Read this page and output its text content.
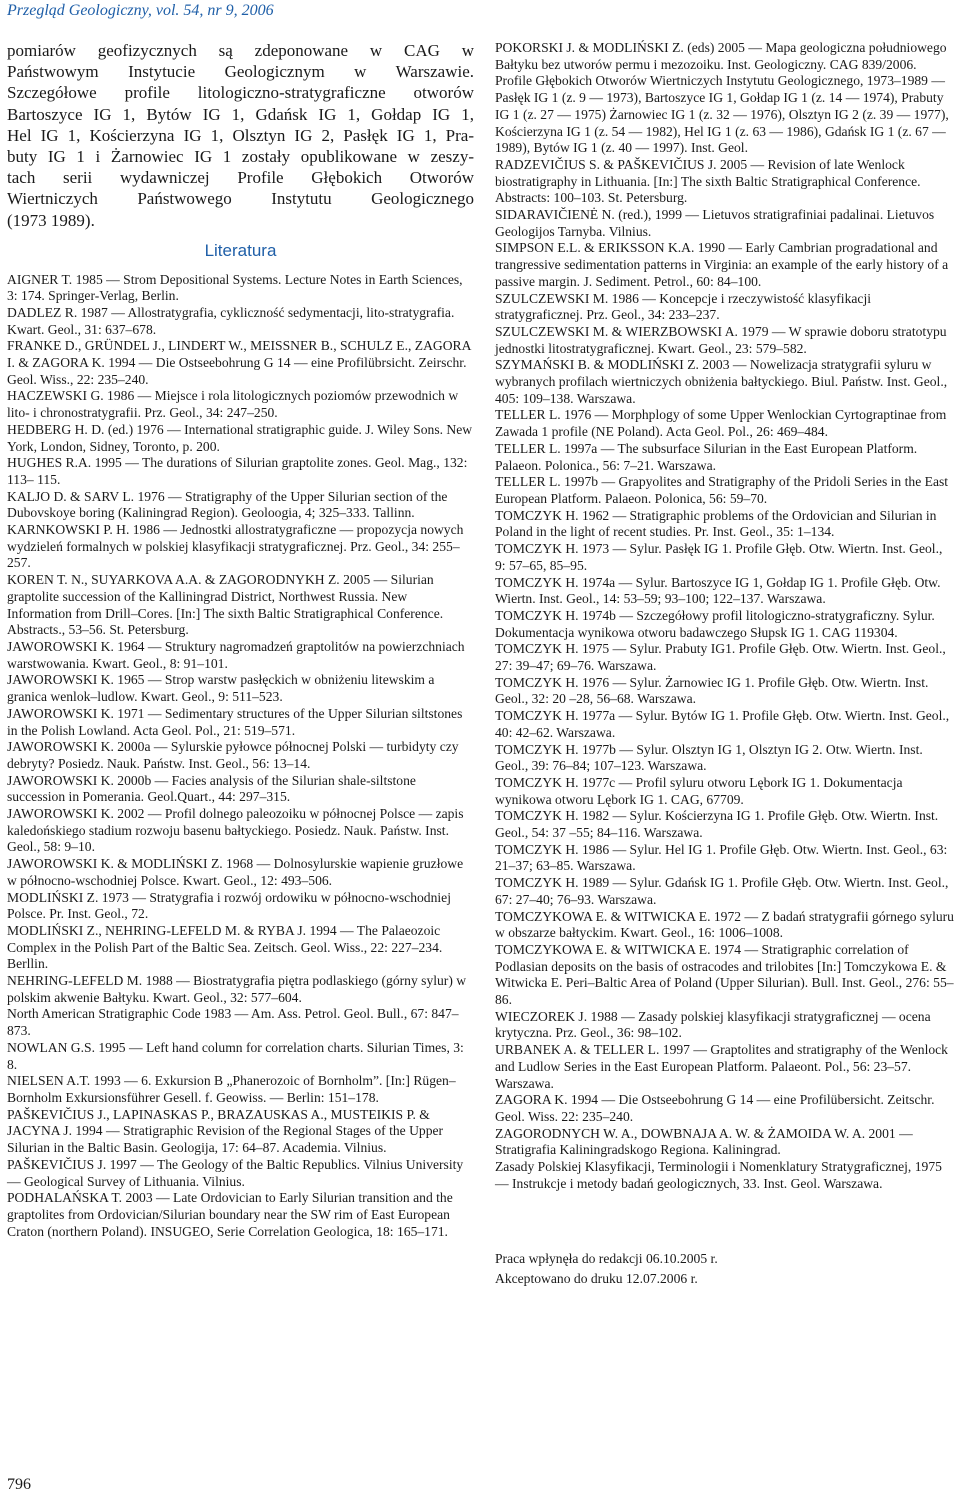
Przegląd Geologiczny, vol. 54, nr 9, 2006
pomiarów geofizycznych są zdeponowane w CAG w
Państwowym Instytucie Geologicznym w Warszawie.
Szczegółowe profile litologiczno-stratygraficzne otworów
Bartoszyce IG 1, Bytów IG 1, Gdańsk IG 1, Gołdap IG 1,
Hel IG 1, Kościerzyna IG 1, Olsztyn IG 2, Pasłęk IG 1, Pra-
buty IG 1 i Żarnowiec IG 1 zostały opublikowane w zeszy-
tach serii wydawniczej Profile Głębokich Otworów
Wiertniczych Państwowego Instytutu Geologicznego
(1973 1989).
Literatura

AIGNER T. 1985 — Strom Depositional Systems. Lecture Notes in Earth Sciences, 3: 174. Springer-Verlag, Berlin.

DADLEZ R. 1987 — Allostratygrafia, cykliczność sedymentacji, lito-stratygrafia. Kwart. Geol., 31: 637–678.

FRANKE D., GRÜNDEL J., LINDERT W., MEISSNER B., SCHULZ E., ZAGORA I. & ZAGORA K. 1994 — Die Ostseebohrung G 14 — eine Profilübrsicht. Zeirschr. Geol. Wiss., 22: 235–240.

HACZEWSKI G. 1986 — Miejsce i rola litologicznych poziomów przewodnich w lito- i chronostratygrafii. Prz. Geol., 34: 247–250.

HEDBERG H. D. (ed.) 1976 — International stratigraphic guide. J. Wiley Sons. New York, London, Sidney, Toronto, p. 200.

HUGHES R.A. 1995 — The durations of Silurian graptolite zones. Geol. Mag., 132: 113– 115.

KALJO D. & SARV L. 1976 — Stratigraphy of the Upper Silurian section of the Dubovskoye boring (Kaliningrad Region). Geoloogia, 4; 325–333. Tallinn.

KARNKOWSKI P. H. 1986 — Jednostki allostratygraficzne — propozycja nowych wydzieleń formalnych w polskiej klasyfikacji stratygraficznej. Prz. Geol., 34: 255–257.

KOREN T. N., SUYARKOVA A.A. & ZAGORODNYKH Z. 2005 — Silurian graptolite succession of the Kalliningrad District, Northwest Russia. New Information from Drill–Cores. [In:] The sixth Baltic Stratigraphical Conference. Abstracts., 53–56. St. Petersburg.

JAWOROWSKI K. 1964 — Struktury nagromadzeń graptolitów na powierzchniach warstwowania. Kwart. Geol., 8: 91–101.

JAWOROWSKI K. 1965 — Strop warstw pasłęckich w obniżeniu litewskim a granica wenlok–ludlow. Kwart. Geol., 9: 511–523.

JAWOROWSKI K. 1971 — Sedimentary structures of the Upper Silurian siltstones in the Polish Lowland. Acta Geol. Pol., 21: 519–571.

JAWOROWSKI K. 2000a — Sylurskie pyłowce północnej Polski — turbidyty czy debryty? Posiedz. Nauk. Państw. Inst. Geol., 56: 13–14.

JAWOROWSKI K. 2000b — Facies analysis of the Silurian shale-siltstone succession in Pomerania. Geol.Quart., 44: 297–315.

JAWOROWSKI K. 2002 — Profil dolnego paleozoiku w północnej Polsce — zapis kaledońskiego stadium rozwoju basenu bałtyckiego. Posiedz. Nauk. Państw. Inst. Geol., 58: 9–10.

JAWOROWSKI K. & MODLIŃSKI Z. 1968 — Dolnosylurskie wapienie gruzłowe w północno-wschodniej Polsce. Kwart. Geol., 12: 493–506.

MODLIŃSKI Z. 1973 — Stratygrafia i rozwój ordowiku w północno-wschodniej Polsce. Pr. Inst. Geol., 72.

MODLIŃSKI Z., NEHRING-LEFELD M. & RYBA J. 1994 — The Palaeozoic Complex in the Polish Part of the Baltic Sea. Zeitsch. Geol. Wiss., 22: 227–234. Berllin.

NEHRING-LEFELD M. 1988 — Biostratygrafia piętra podlaskiego (górny sylur) w polskim akwenie Bałtyku. Kwart. Geol., 32: 577–604.

North American Stratigraphic Code 1983 — Am. Ass. Petrol. Geol. Bull., 67: 847–873.

NOWLAN G.S. 1995 — Left hand column for correlation charts. Silurian Times, 3: 8.

NIELSEN A.T. 1993 — 6. Exkursion B „Phanerozoic of Bornholm”. [In:] Rügen–Bornholm Exkursionsführer Gesell. f. Geowiss. — Berlin: 151–178.

PAŠKEVIČIUS J., LAPINASKAS P., BRAZAUSKAS A., MUSTEIKIS P. & JACYNA J. 1994 — Stratigraphic Revision of the Regional Stages of the Upper Silurian in the Baltic Basin. Geologija, 17: 64–87. Academia. Vilnius.

PAŠKEVIČIUS J. 1997 — The Geology of the Baltic Republics. Vilnius University — Geological Survey of Lithuania. Vilnius.

PODHALAŃSKA T. 2003 — Late Ordovician to Early Silurian transition and the graptolites from Ordovician/Silurian boundary near the SW rim of East European Craton (northern Poland). INSUGEO, Serie Correlation Geologica, 18: 165–171.

POKORSKI J. & MODLIŃSKI Z. (eds) 2005 — Mapa geologiczna południowego Bałtyku bez utworów permu i mezozoiku. Inst. Geologiczny. CAG 839/2006.

Profile Głębokich Otworów Wiertniczych Instytutu Geologicznego, 1973–1989 — Pasłęk IG 1 (z. 9 — 1973), Bartoszyce IG 1, Gołdap IG 1 (z. 14 — 1974), Prabuty IG 1 (z. 27 — 1975) Żarnowiec IG 1 (z. 32 — 1976), Olsztyn IG 2 (z. 39 — 1977), Kościerzyna IG 1 (z. 54 — 1982), Hel IG 1 (z. 63 — 1986), Gdańsk IG 1 (z. 67 — 1989), Bytów IG 1 (z. 40 — 1997). Inst. Geol.

RADZEVIČIUS S. & PAŠKEVIČIUS J. 2005 — Revision of late Wenlock biostratigraphy in Lithuania. [In:] The sixth Baltic Stratigraphical Conference. Abstracts: 100–103. St. Petersburg.

SIDARAVIČIENĖ N. (red.), 1999 — Lietuvos stratigrafiniai padalinai. Lietuvos Geologijos Tarnyba. Vilnius.

SIMPSON E.L. & ERIKSSON K.A. 1990 — Early Cambrian progradational and trangressive sedimentation patterns in Virginia: an example of the early history of a passive margin. J. Sediment. Petrol., 60: 84–100.

SZULCZEWSKI M. 1986 — Koncepcje i rzeczywistość klasyfikacji stratygraficznej. Prz. Geol., 34: 233–237.

SZULCZEWSKI M. & WIERZBOWSKI A. 1979 — W sprawie doboru stratotypu jednostki litostratygraficznej. Kwart. Geol., 23: 579–582.

SZYMAŃSKI B. & MODLIŃSKI Z. 2003 — Nowelizacja stratygrafii syluru w wybranych profilach wiertniczych obniżenia bałtyckiego. Biul. Państw. Inst. Geol., 405: 109–138. Warszawa.

TELLER L. 1976 — Morphplogy of some Upper Wenlockian Cyrtograptinae from Zawada 1 profile (NE Poland). Acta Geol. Pol., 26: 469–484.

TELLER L. 1997a — The subsurface Silurian in the East European Platform. Palaeon. Polonica., 56: 7–21. Warszawa.

TELLER L. 1997b — Grapyolites and Stratigraphy of the Pridoli Series in the East European Platform. Palaeon. Polonica, 56: 59–70.

TOMCZYK H. 1962 — Stratigraphic problems of the Ordovician and Silurian in Poland in the light of recent studies. Pr. Inst. Geol., 35: 1–134.

TOMCZYK H. 1973 — Sylur. Pasłęk IG 1. Profile Głęb. Otw. Wiertn. Inst. Geol., 9: 57–65, 85–95.

TOMCZYK H. 1974a — Sylur. Bartoszyce IG 1, Gołdap IG 1. Profile Głęb. Otw. Wiertn. Inst. Geol., 14: 53–59; 93–100; 122–137. Warszawa.

TOMCZYK H. 1974b — Szczegółowy profil litologiczno-stratygraficzny. Sylur. Dokumentacja wynikowa otworu badawczego Słupsk IG 1. CAG 119304.

TOMCZYK H. 1975 — Sylur. Prabuty IG1. Profile Głęb. Otw. Wiertn. Inst. Geol., 27: 39–47; 69–76. Warszawa.

TOMCZYK H. 1976 — Sylur. Żarnowiec IG 1. Profile Głęb. Otw. Wiertn. Inst. Geol., 32: 20 –28, 56–68. Warszawa.

TOMCZYK H. 1977a — Sylur. Bytów IG 1. Profile Głęb. Otw. Wiertn. Inst. Geol., 40: 42–62. Warszawa.

TOMCZYK H. 1977b — Sylur. Olsztyn IG 1, Olsztyn IG 2. Otw. Wiertn. Inst. Geol., 39: 76–84; 107–123. Warszawa.

TOMCZYK H. 1977c — Profil syluru otworu Lębork IG 1. Dokumentacja wynikowa otworu Lębork IG 1. CAG, 67709.

TOMCZYK H. 1982 — Sylur. Kościerzyna IG 1. Profile Głęb. Otw. Wiertn. Inst. Geol., 54: 37 –55; 84–116. Warszawa.

TOMCZYK H. 1986 — Sylur. Hel IG 1. Profile Głęb. Otw. Wiertn. Inst. Geol., 63: 21–37; 63–85. Warszawa.

TOMCZYK H. 1989 — Sylur. Gdańsk IG 1. Profile Głęb. Otw. Wiertn. Inst. Geol., 67: 27–40; 76–93. Warszawa.

TOMCZYKOWA E. & WITWICKA E. 1972 — Z badań stratygrafii górnego syluru w obszarze bałtyckim. Kwart. Geol., 16: 1006–1008.

TOMCZYKOWA E. & WITWICKA E. 1974 — Stratigraphic correlation of Podlasian deposits on the basis of ostracodes and trilobites [In:] Tomczykowa E. & Witwicka E. Peri–Baltic Area of Poland (Upper Silurian). Bull. Inst. Geol., 276: 55–86.

WIECZOREK J. 1988 — Zasady polskiej klasyfikacji stratygraficznej — ocena krytyczna. Prz. Geol., 36: 98–102.

URBANEK A. & TELLER L. 1997 — Graptolites and stratigraphy of the Wenlock and Ludlow Series in the East European Platform. Palaeont. Pol., 56: 23–57. Warszawa.

ZAGORA K. 1994 — Die Ostseebohrung G 14 — eine Profilübersicht. Zeitschr. Geol. Wiss. 22: 235–240.

ZAGORODNYCH W. A., DOWBNAJA A. W. & ŻAMOIDA W. A. 2001 — Stratigrafia Kaliningradskogo Regiona. Kaliningrad.

Zasady Polskiej Klasyfikacji, Terminologii i Nomenklatury Stratygraficznej, 1975 — Instrukcje i metody badań geologicznych, 33. Inst. Geol. Warszawa.

Praca wpłynęła do redakcji 06.10.2005 r.
Akceptowano do druku 12.07.2006 r.
796
